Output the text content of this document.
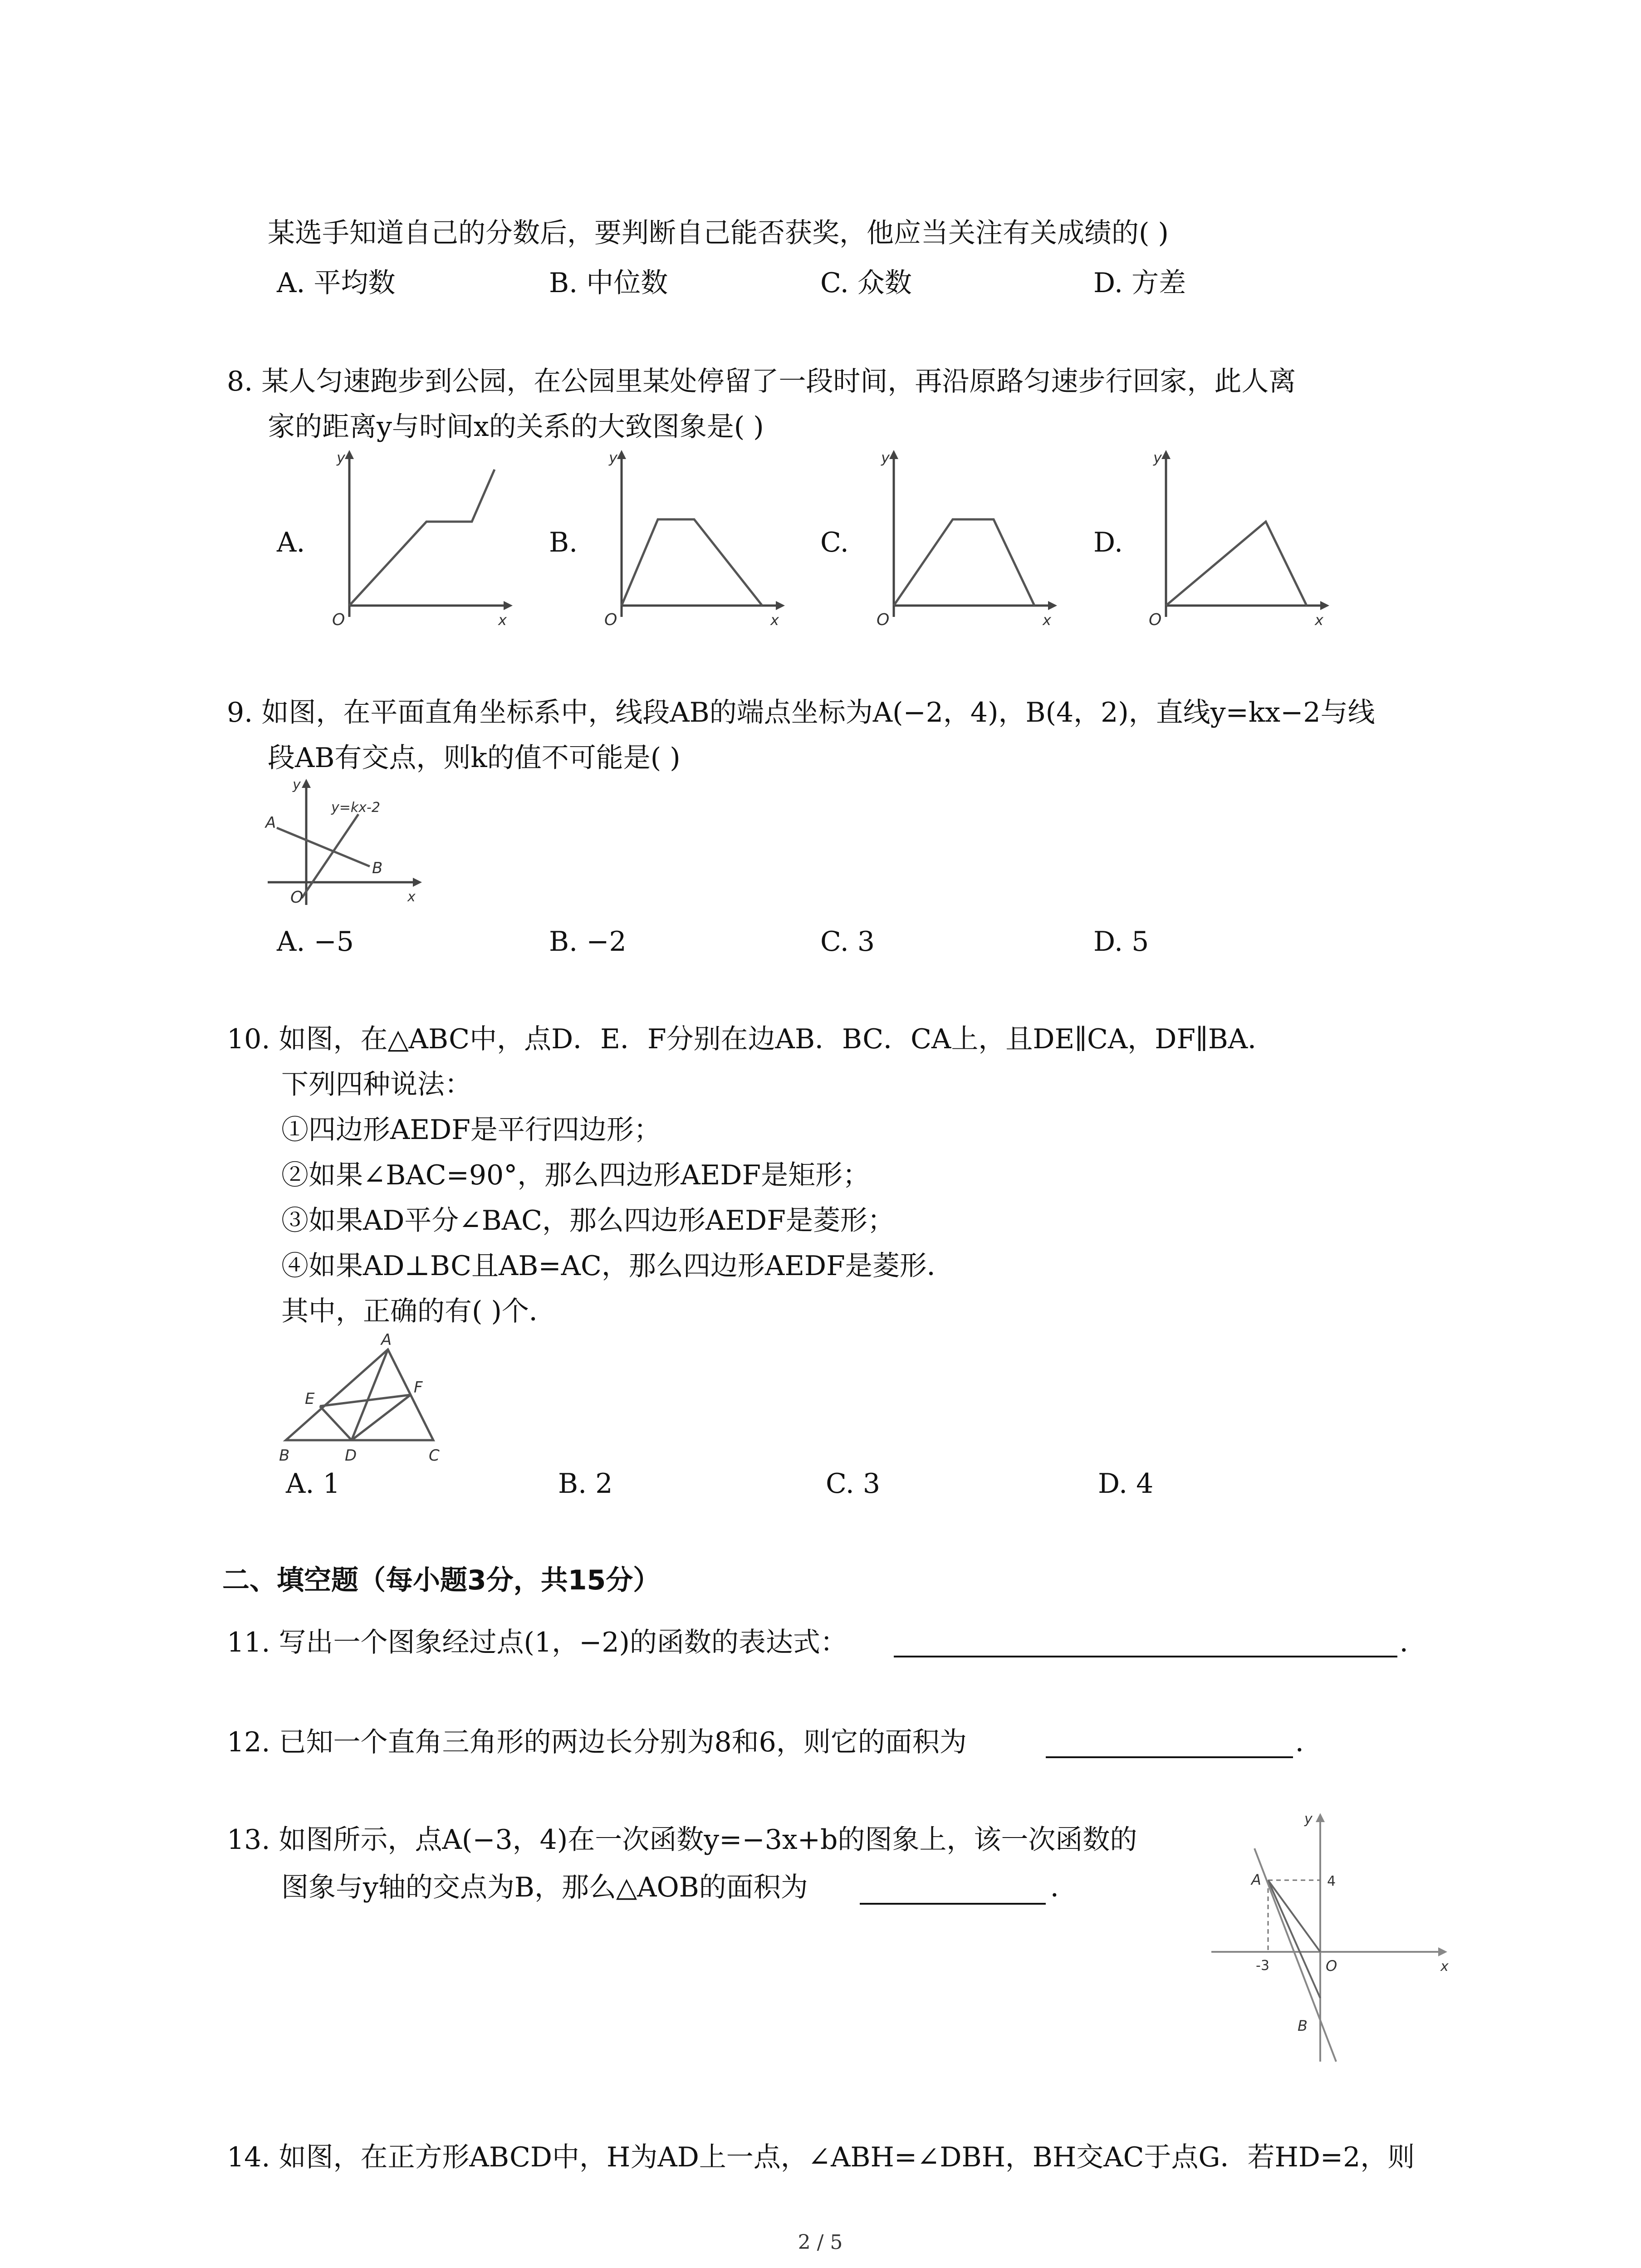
某选手知道自己的分数后，要判断自己能否获奖，他应当关注有关成绩的( )
A. 平均数	B. 中位数	C. 众数	D. 方差
8. 某人匀速跑步到公园，在公园里某处停留了一段时间，再沿原路匀速步行回家，此人离
家的距离y与时间x的关系的大致图象是( )
A.
y
x
O
B.
y
x
O
C.
y
x
O
D.
y
x
O
9. 如图，在平面直角坐标系中，线段AB的端点坐标为A(−2，4)，B(4，2)，直线y=kx−2与线
段AB有交点，则k的值不可能是( )
y
x
O
A
B
y=kx-2
A. −5	B. −2	C. 3	D. 5
10. 如图，在△ABC中，点D．E．F分别在边AB．BC．CA上，且DE∥CA，DF∥BA．
下列四种说法：
①四边形AEDF是平行四边形；
②如果∠BAC=90°，那么四边形AEDF是矩形；
③如果AD平分∠BAC，那么四边形AEDF是菱形；
④如果AD⊥BC且AB=AC，那么四边形AEDF是菱形．
其中，正确的有( )个．
A
B	C
D
E
F
A. 1	B. 2	C. 3	D. 4
二、填空题（每小题3分，共15分）
11. 写出一个图象经过点(1，−2)的函数的表达式：	．
12. 已知一个直角三角形的两边长分别为8和6，则它的面积为	．
13. 如图所示，点A(−3，4)在一次函数y=−3x+b的图象上，该一次函数的
图象与y轴的交点为B，那么△AOB的面积为	．
y
x
O
A
B
4
-3
14. 如图，在正方形ABCD中，H为AD上一点，∠ABH=∠DBH，BH交AC于点G．若HD=2，则
2 / 5
